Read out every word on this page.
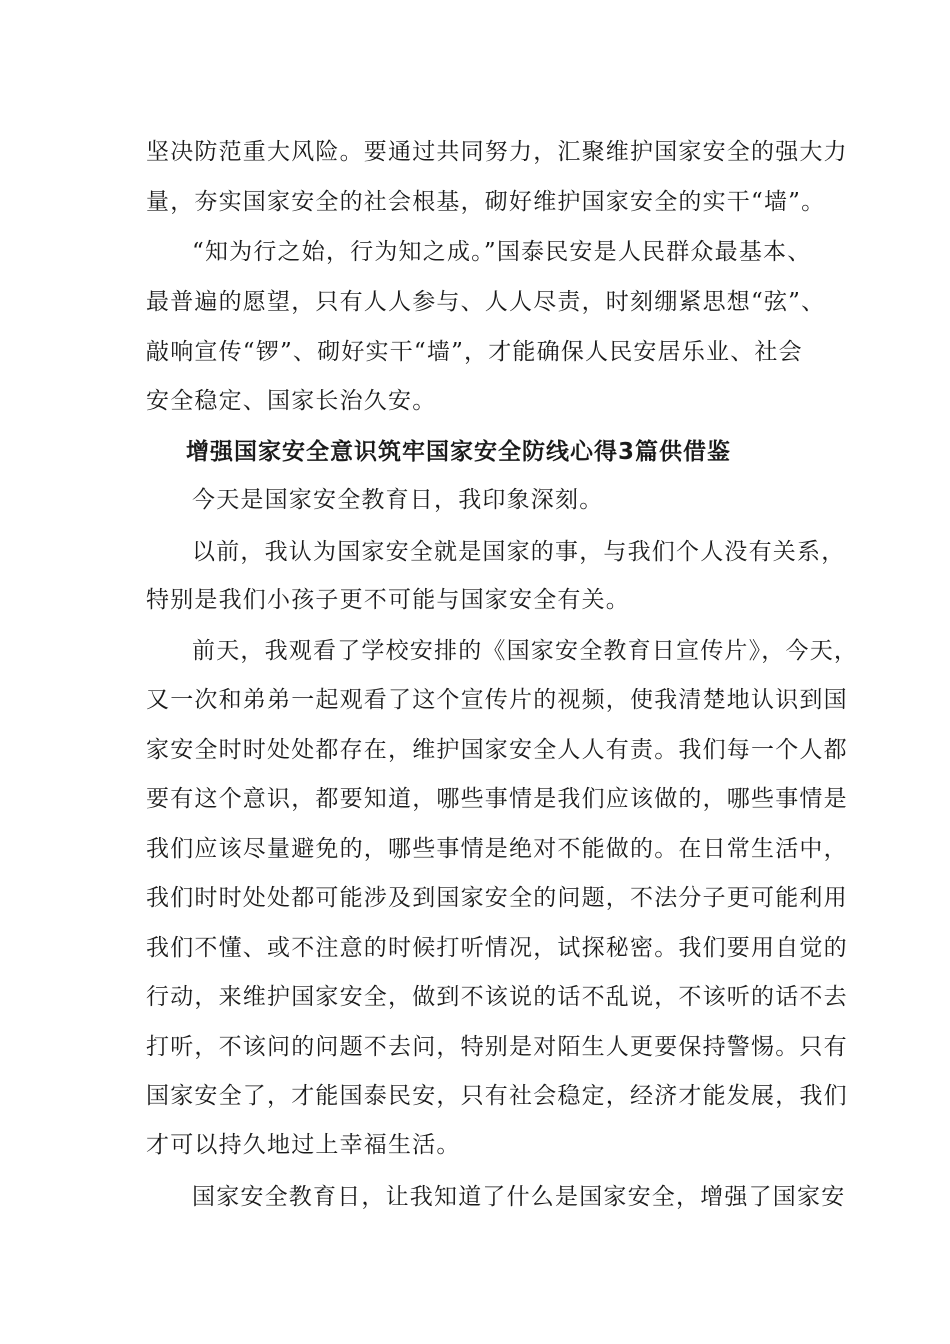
坚决防范重大风险。要通过共同努力，汇聚维护国家安全的强大力
量，夯实国家安全的社会根基，砌好维护国家安全的实干“墙”。
“知为行之始，行为知之成。”国泰民安是人民群众最基本、
最普遍的愿望，只有人人参与、人人尽责，时刻绷紧思想“弦”、
敲响宣传“锣”、砌好实干“墙”，才能确保人民安居乐业、社会
安全稳定、国家长治久安。
增强国家安全意识筑牢国家安全防线心得3篇供借鉴
今天是国家安全教育日，我印象深刻。
以前，我认为国家安全就是国家的事，与我们个人没有关系，
特别是我们小孩子更不可能与国家安全有关。
前天，我观看了学校安排的《国家安全教育日宣传片》，今天，
又一次和弟弟一起观看了这个宣传片的视频，使我清楚地认识到国
家安全时时处处都存在，维护国家安全人人有责。我们每一个人都
要有这个意识，都要知道，哪些事情是我们应该做的，哪些事情是
我们应该尽量避免的，哪些事情是绝对不能做的。在日常生活中，
我们时时处处都可能涉及到国家安全的问题，不法分子更可能利用
我们不懂、或不注意的时候打听情况，试探秘密。我们要用自觉的
行动，来维护国家安全，做到不该说的话不乱说，不该听的话不去
打听，不该问的问题不去问，特别是对陌生人更要保持警惕。只有
国家安全了，才能国泰民安，只有社会稳定，经济才能发展，我们
才可以持久地过上幸福生活。
国家安全教育日，让我知道了什么是国家安全，增强了国家安
